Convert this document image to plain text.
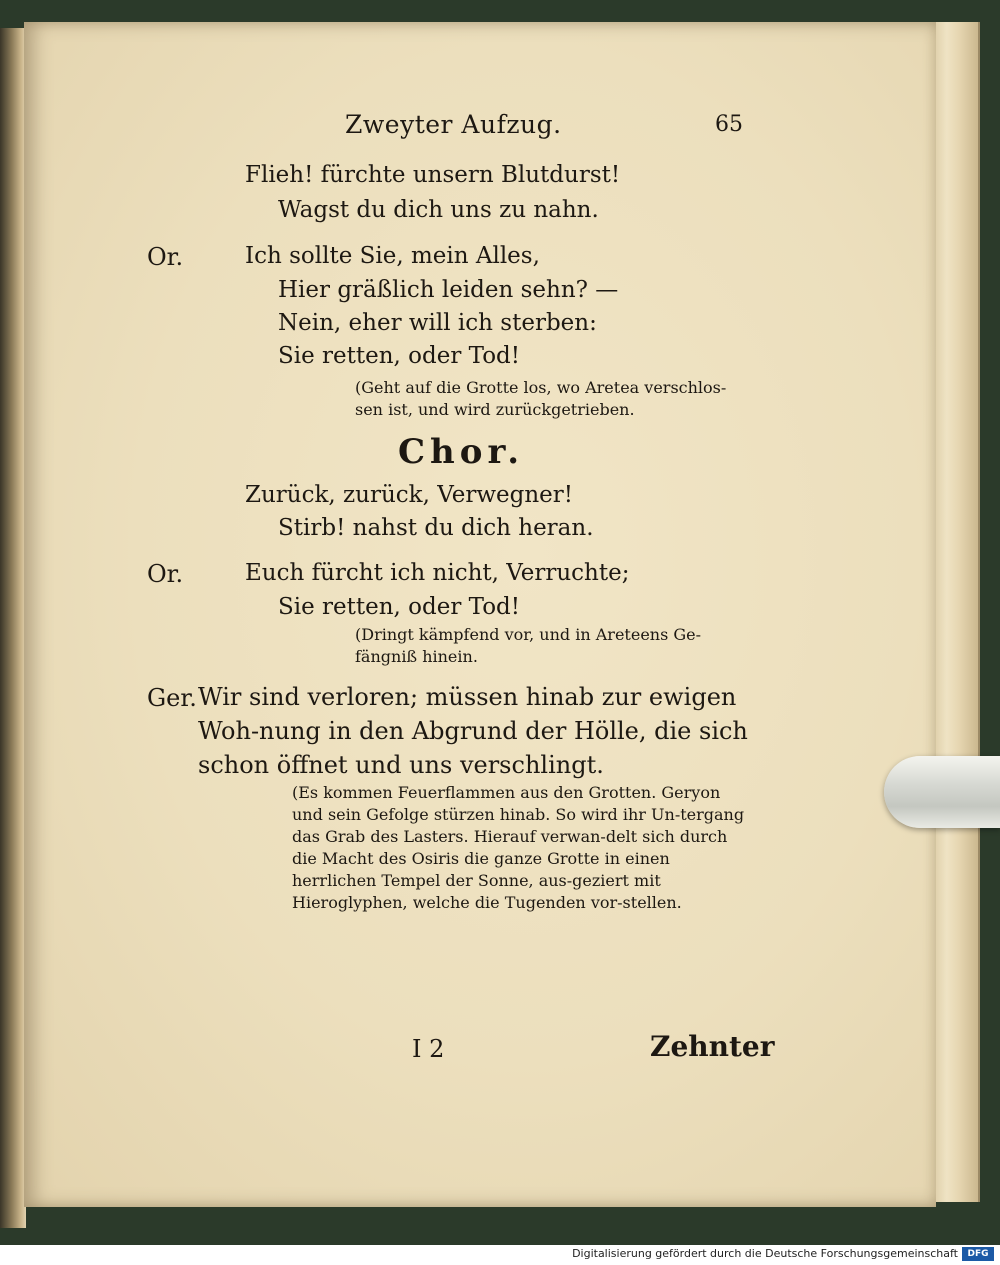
Zweyter Aufzug.	65
Flieh! fürchte unsern Blutdurst!
Wagst du dich uns zu nahn.
Or.	Ich sollte Sie, mein Alles,
Hier gräßlich leiden sehn? —
Nein, eher will ich sterben:
Sie retten, oder Tod!
(Geht auf die Grotte los, wo Aretea verschlos-sen ist, und wird zurückgetrieben.
Chor.
Zurück, zurück, Verwegner!
Stirb! nahst du dich heran.
Or.	Euch fürcht ich nicht, Verruchte;
Sie retten, oder Tod!
(Dringt kämpfend vor, und in Areteens Ge-fängniß hinein.
Ger. Wir sind verloren; müssen hinab zur ewigen Woh-nung in den Abgrund der Hölle, die sich schon öffnet und uns verschlingt.
(Es kommen Feuerflammen aus den Grotten. Geryon und sein Gefolge stürzen hinab. So wird ihr Un-tergang das Grab des Lasters. Hierauf verwan-delt sich durch die Macht des Osiris die ganze Grotte in einen herrlichen Tempel der Sonne, aus-geziert mit Hieroglyphen, welche die Tugenden vor-stellen.
I 2	Zehnter
Digitalisierung gefördert durch die Deutsche Forschungsgemeinschaft	DFG
